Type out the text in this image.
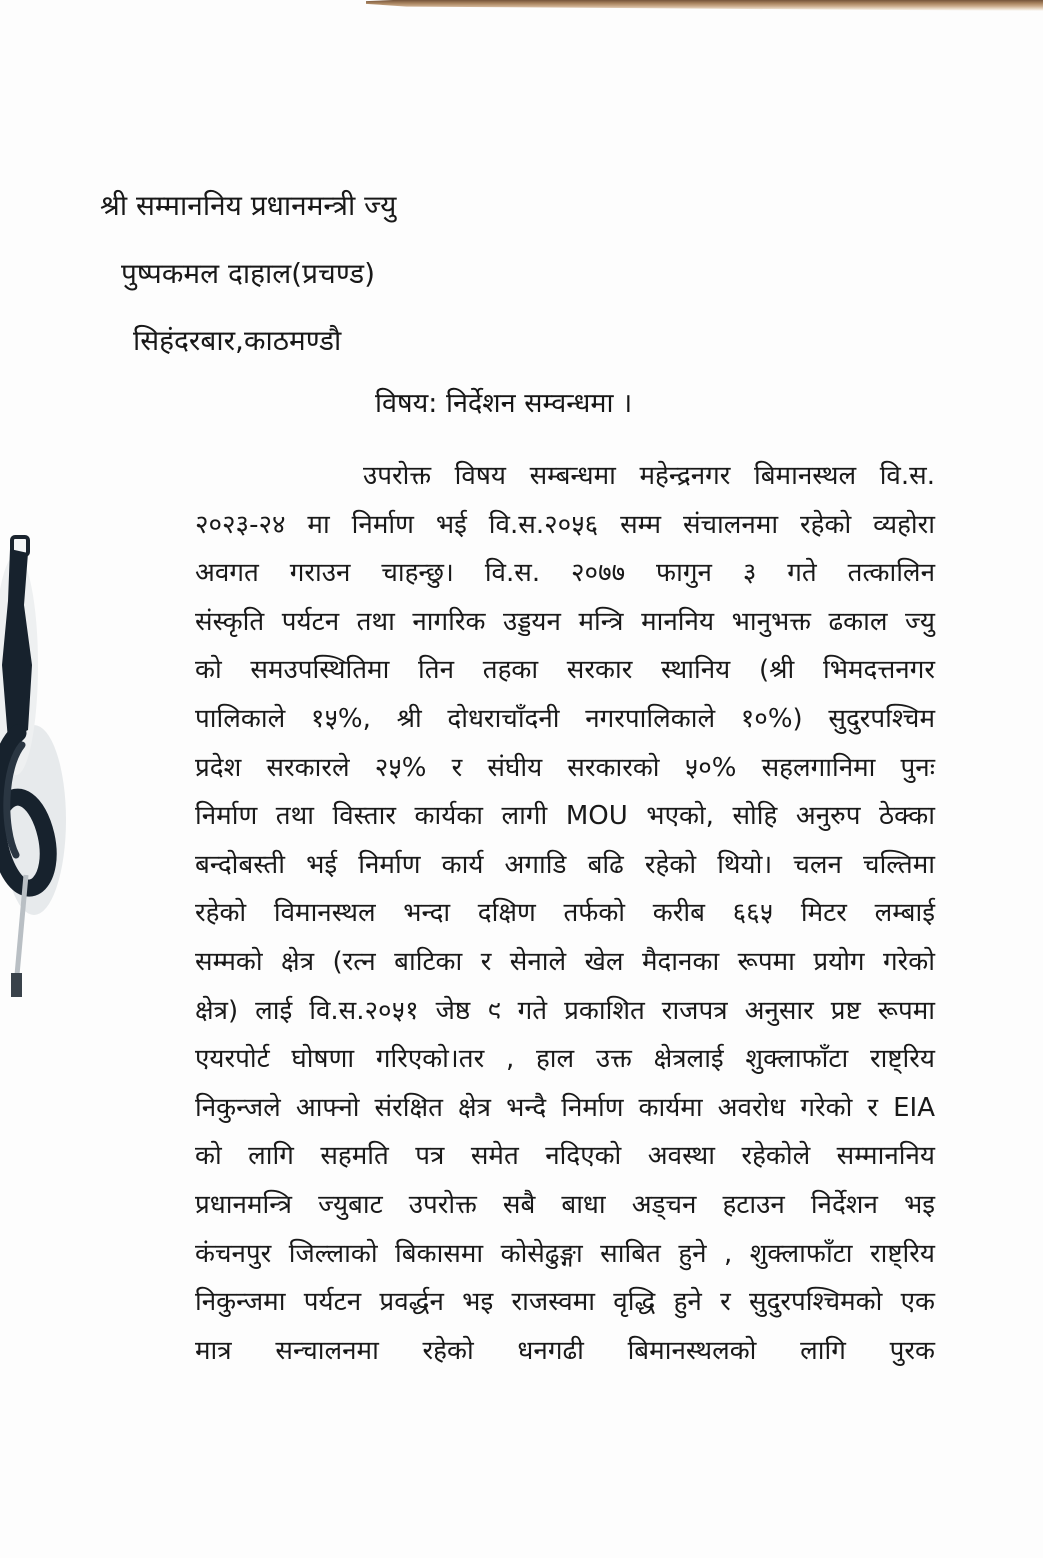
श्री सम्माननिय प्रधानमन्त्री ज्यु
पुष्पकमल दाहाल(प्रचण्ड)
सिहंदरबार,काठमण्डौ
विषय: निर्देशन सम्वन्धमा ।
उपरोक्त विषय सम्बन्धमा महेन्द्रनगर बिमानस्थल वि.स.
२०२३-२४ मा निर्माण भई वि.स.२०५६ सम्म संचालनमा रहेको व्यहोरा
अवगत गराउन चाहन्छु। वि.स. २०७७ फागुन ३ गते तत्कालिन
संस्कृति पर्यटन तथा नागरिक उड्डयन मन्त्रि माननिय भानुभक्त ढकाल ज्यु
को समउपस्थितिमा तिन तहका सरकार स्थानिय (श्री भिमदत्तनगर
पालिकाले १५%, श्री दोधराचाँदनी नगरपालिकाले १०%) सुदुरपश्चिम
प्रदेश सरकारले २५% र संघीय सरकारको ५०% सहलगानिमा पुनः
निर्माण तथा विस्तार कार्यका लागी MOU भएको, सोहि अनुरुप ठेक्का
बन्दोबस्ती भई निर्माण कार्य अगाडि बढि रहेको थियो। चलन चल्तिमा
रहेको विमानस्थल भन्दा दक्षिण तर्फको करीब ६६५ मिटर लम्बाई
सम्मको क्षेत्र (रत्न बाटिका र सेनाले खेल मैदानका रूपमा प्रयोग गरेको
क्षेत्र) लाई वि.स.२०५१ जेष्ठ ९ गते प्रकाशित राजपत्र अनुसार प्रष्ट रूपमा
एयरपोर्ट घोषणा गरिएको।तर , हाल उक्त क्षेत्रलाई शुक्लाफाँटा राष्ट्रिय
निकुन्जले आफ्नो संरक्षित क्षेत्र भन्दै निर्माण कार्यमा अवरोध गरेको र EIA
को लागि सहमति पत्र समेत नदिएको अवस्था रहेकोले सम्माननिय
प्रधानमन्त्रि ज्युबाट उपरोक्त सबै बाधा अड्चन हटाउन निर्देशन भइ
कंचनपुर जिल्लाको बिकासमा कोसेढुङ्गा साबित हुने , शुक्लाफाँटा राष्ट्रिय
निकुन्जमा पर्यटन प्रवर्द्धन भइ राजस्वमा वृद्धि हुने र सुदुरपश्चिमको एक
मात्र सन्चालनमा रहेको धनगढी बिमानस्थलको लागि पुरक
